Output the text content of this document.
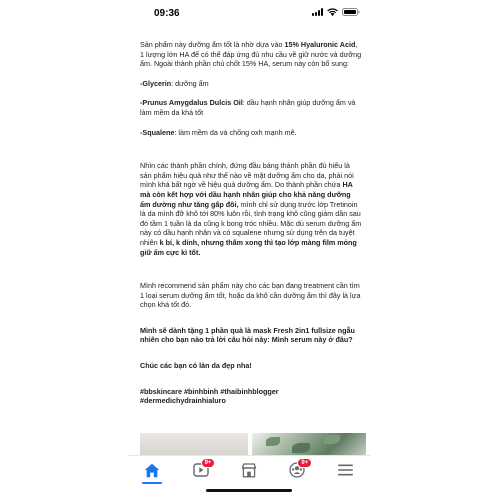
09:36

Sản phẩm này dưỡng ẩm tốt là nhờ dựa vào 15% Hyaluronic Acid, 1 lượng lớn HA để có thể đáp ứng đủ nhu cầu về giữ nước và dưỡng ẩm. Ngoài thành phần chủ chốt 15% HA, serum này còn bổ sung:

-Glycerin: dưỡng ẩm

-Prunus Amygdalus Dulcis Oil: dầu hạnh nhân giúp dưỡng ẩm và làm mềm da khá tốt

-Squalene: làm mềm da và chống oxh mạnh mẽ.

Nhìn các thành phần chính, đứng đầu bảng thành phần đủ hiểu là sản phẩm hiệu quả như thế nào về mặt dưỡng ẩm cho da, phải nói mình khá bất ngờ về hiệu quả dưỡng ẩm. Do thành phần chứa HA mà còn kết hợp với dầu hạnh nhân giúp cho khả năng dưỡng ẩm dường như tăng gấp đôi, mình chỉ sử dụng trước lớp Tretinoin là da mình đỡ khô tới 80% luôn rồi, tình trạng khô cũng giảm dần sau đó tầm 1 tuần là da cũng k bong tróc nhiều. Mặc dù serum dưỡng ẩm này có dầu hạnh nhân và có squalene nhưng sử dụng trên da tuyệt nhiên k bí, k dính, nhưng thấm xong thì tạo lớp màng film mỏng giữ ẩm cực kì tốt.

Mình recommend sản phẩm này cho các bạn đang treatment cần tìm 1 loại serum dưỡng ẩm tốt, hoặc da khô cần dưỡng ẩm thì đây là lựa chọn khá tốt đó.

Mình sẽ dành tặng 1 phần quà là mask Fresh 2in1 fullsize ngẫu nhiên cho bạn nào trả lời câu hỏi này: Mình serum này ở đâu?

Chúc các bạn có làn da đẹp nha!

#bbskincare #binhbinh #thaibinhblogger

#dermedichydrainhialuro

9+	9+
